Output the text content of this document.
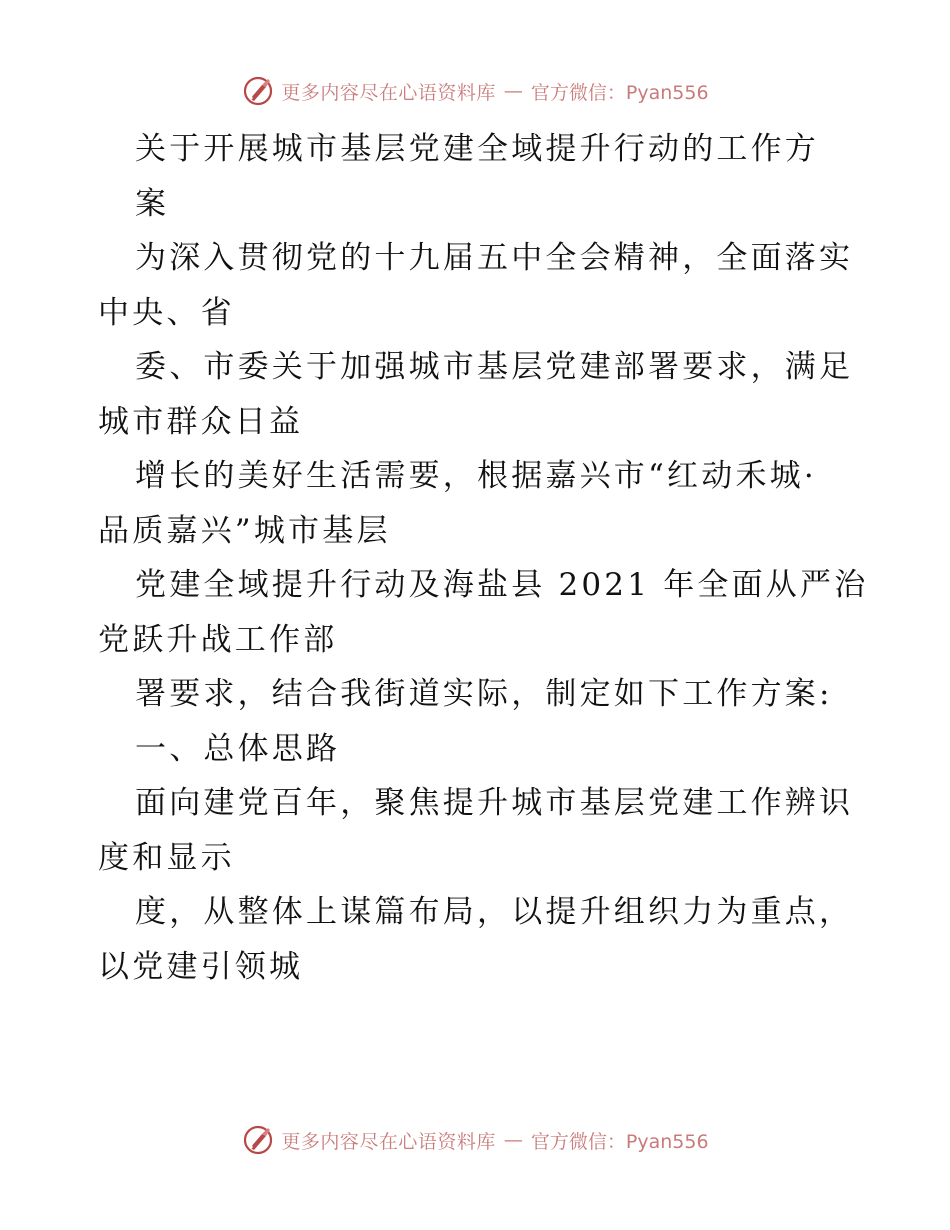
更多内容尽在心语资料库 — 官方微信：Pyan556
关于开展城市基层党建全域提升行动的工作方
案
为深入贯彻党的十九届五中全会精神，全面落实
中央、省
委、市委关于加强城市基层党建部署要求，满足
城市群众日益
增长的美好生活需要，根据嘉兴市“红动禾城·
品质嘉兴”城市基层
党建全域提升行动及海盐县 2021 年全面从严治
党跃升战工作部
署要求，结合我街道实际，制定如下工作方案:
一、总体思路
面向建党百年，聚焦提升城市基层党建工作辨识
度和显示
度，从整体上谋篇布局，以提升组织力为重点，
以党建引领城
更多内容尽在心语资料库 — 官方微信：Pyan556
